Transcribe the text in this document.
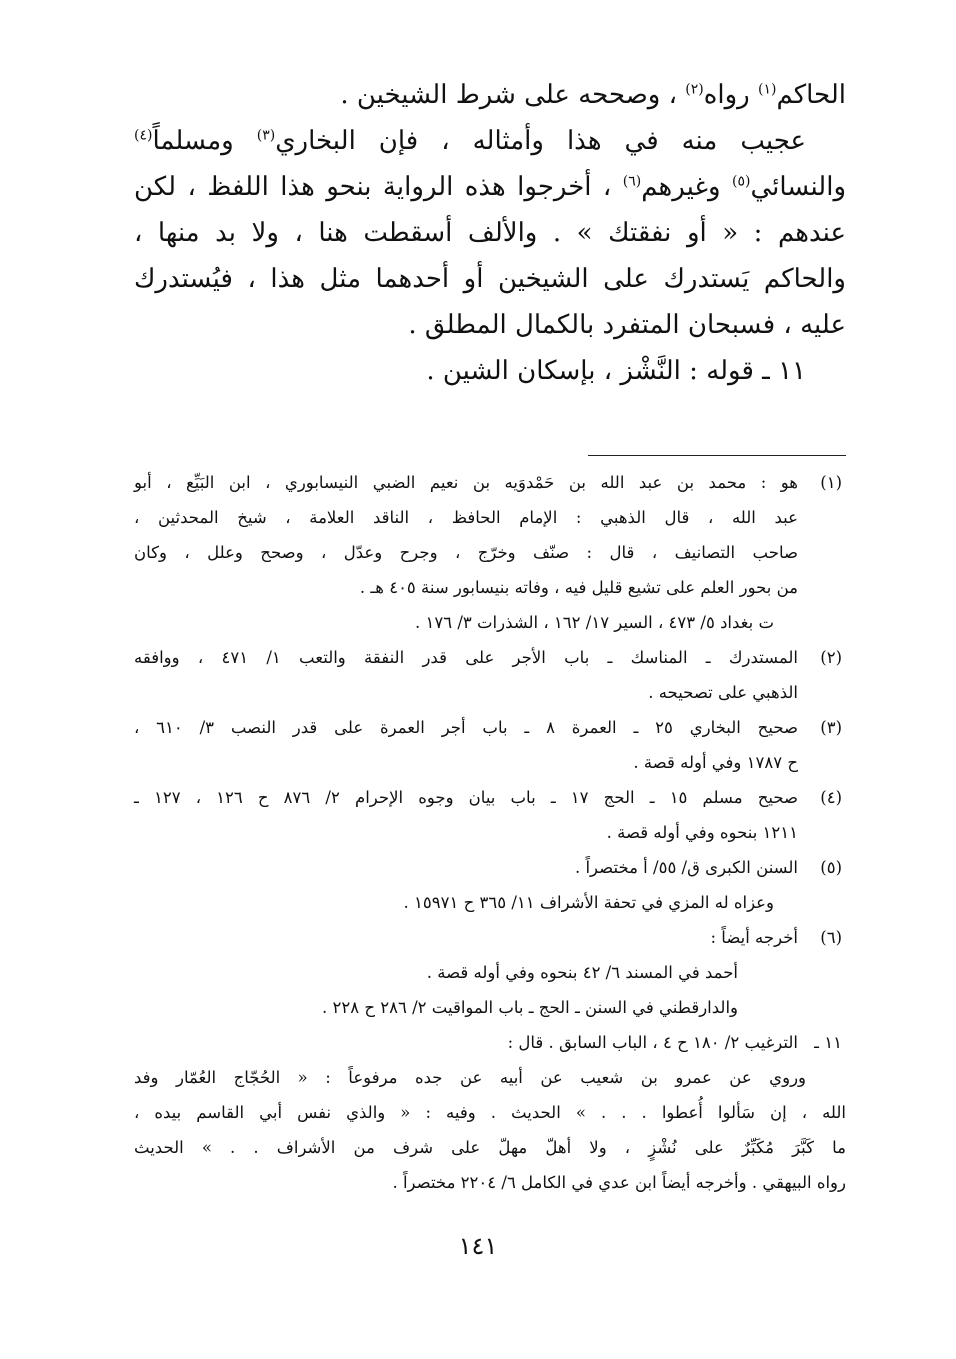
الحاكم$^{(١)}$ رواه$^{(٢)}$ ، وصححه على شرط الشيخين .
عجيب منه في هذا وأمثاله ، فإن البخاري$^{(٣)}$ ومسلماً$^{(٤)}$
والنسائي$^{(٥)}$ وغيرهم$^{(٦)}$ ، أخرجوا هذه الرواية بنحو هذا اللفظ ، لكن
عندهم : « أو نفقتك » . والألف أسقطت هنا ، ولا بد منها ،
والحاكم يَستدرك على الشيخين أو أحدهما مثل هذا ، فيُستدرك
عليه ، فسبحان المتفرد بالكمال المطلق .
١١ ـ قوله : النَّشْز ، بإسكان الشين .
(١)
هو : محمد بن عبد الله بن حَمْدوَيه بن نعيم الضبي النيسابوري ، ابن البَيِّع ، أبو
عبد الله ، قال الذهبي : الإمام الحافظ ، الناقد العلامة ، شيخ المحدثين ،
صاحب التصانيف ، قال : صنّف وخرّج ، وجرح وعدّل ، وصحح وعلل ، وكان
من بحور العلم على تشيع قليل فيه ، وفاته بنيسابور سنة ٤٠٥ هـ .
ت بغداد ٥/ ٤٧٣ ، السير ١٧/ ١٦٢ ، الشذرات ٣/ ١٧٦ .
(٢)
المستدرك ـ المناسك ـ باب الأجر على قدر النفقة والتعب ١/ ٤٧١ ، ووافقه
الذهبي على تصحيحه .
(٣)
صحيح البخاري ٢٥ ـ العمرة ٨ ـ باب أجر العمرة على قدر النصب ٣/ ٦١٠ ،
ح ١٧٨٧ وفي أوله قصة .
(٤)
صحيح مسلم ١٥ ـ الحج ١٧ ـ باب بيان وجوه الإحرام ٢/ ٨٧٦ ح ١٢٦ ، ١٢٧ ـ
١٢١١ بنحوه وفي أوله قصة .
(٥)
السنن الكبرى ق/ ٥٥/ أ مختصراً .
وعزاه له المزي في تحفة الأشراف ١١/ ٣٦٥ ح ١٥٩٧١ .
(٦)
أخرجه أيضاً :
أحمد في المسند ٦/ ٤٢ بنحوه وفي أوله قصة .
والدارقطني في السنن ـ الحج ـ باب المواقيت ٢/ ٢٨٦ ح ٢٢٨ .
١١ ـ
الترغيب ٢/ ١٨٠ ح ٤ ، الباب السابق . قال :
وروي عن عمرو بن شعيب عن أبيه عن جده مرفوعاً : « الحُجّاج العُمّار وفد
الله ، إن سَألوا أُعطوا . . . » الحديث . وفيه : « والذي نفس أبي القاسم بيده ،
ما كَبَّرَ مُكَبِّرٌ على نُشْزٍ ، ولا أهلّ مهلّ على شرف من الأشراف . . » الحديث
رواه البيهقي . وأخرجه أيضاً ابن عدي في الكامل ٦/ ٢٢٠٤ مختصراً .
١٤١
